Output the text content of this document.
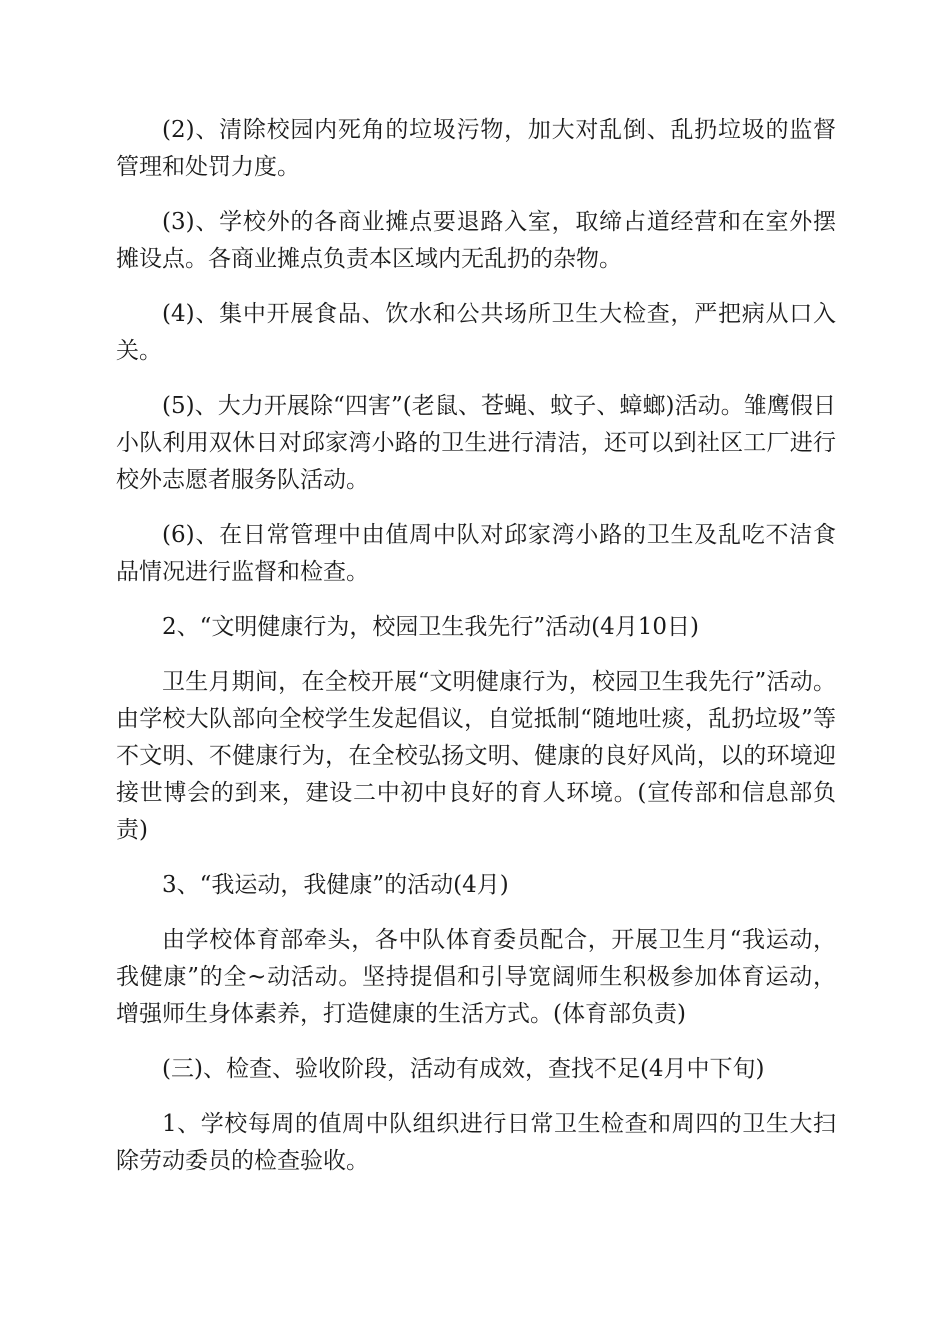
(2)、清除校园内死角的垃圾污物，加大对乱倒、乱扔垃圾的监督管理和处罚力度。

(3)、学校外的各商业摊点要退路入室，取缔占道经营和在室外摆摊设点。各商业摊点负责本区域内无乱扔的杂物。

(4)、集中开展食品、饮水和公共场所卫生大检查，严把病从口入关。

(5)、大力开展除“四害”(老鼠、苍蝇、蚊子、蟑螂)活动。雏鹰假日小队利用双休日对邱家湾小路的卫生进行清洁，还可以到社区工厂进行校外志愿者服务队活动。

(6)、在日常管理中由值周中队对邱家湾小路的卫生及乱吃不洁食品情况进行监督和检查。

2、“文明健康行为，校园卫生我先行”活动(4月10日)

卫生月期间，在全校开展“文明健康行为，校园卫生我先行”活动。由学校大队部向全校学生发起倡议，自觉抵制“随地吐痰，乱扔垃圾”等不文明、不健康行为，在全校弘扬文明、健康的良好风尚，以的环境迎接世博会的到来，建设二中初中良好的育人环境。(宣传部和信息部负责)

3、“我运动，我健康”的活动(4月)

由学校体育部牵头，各中队体育委员配合，开展卫生月“我运动，我健康”的全~动活动。坚持提倡和引导宽阔师生积极参加体育运动，增强师生身体素养，打造健康的生活方式。(体育部负责)

(三)、检查、验收阶段，活动有成效，查找不足(4月中下旬)

1、学校每周的值周中队组织进行日常卫生检查和周四的卫生大扫除劳动委员的检查验收。
